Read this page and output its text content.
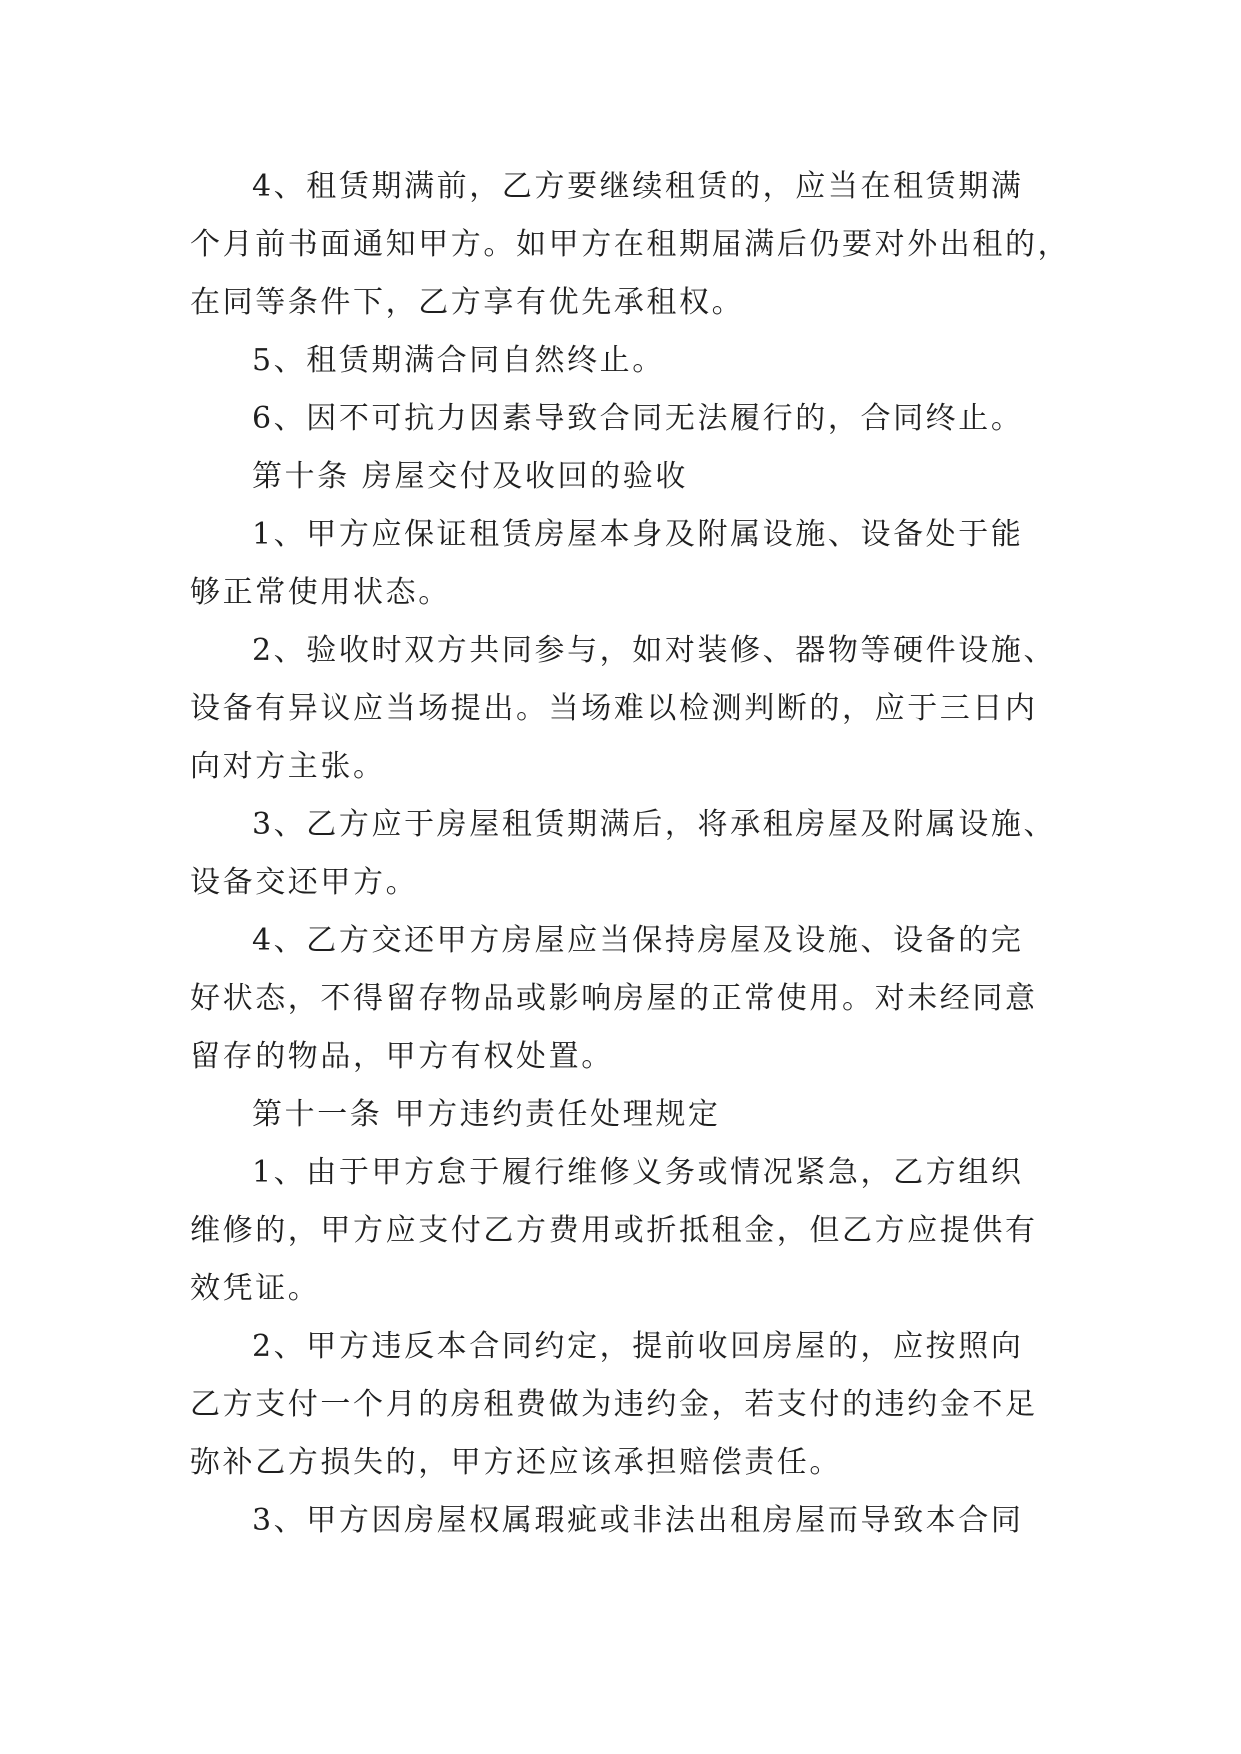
4、租赁期满前，乙方要继续租赁的，应当在租赁期满
个月前书面通知甲方。如甲方在租期届满后仍要对外出租的，
在同等条件下，乙方享有优先承租权。
5、租赁期满合同自然终止。
6、因不可抗力因素导致合同无法履行的，合同终止。
第十条 房屋交付及收回的验收
1、甲方应保证租赁房屋本身及附属设施、设备处于能
够正常使用状态。
2、验收时双方共同参与，如对装修、器物等硬件设施、
设备有异议应当场提出。当场难以检测判断的，应于三日内
向对方主张。
3、乙方应于房屋租赁期满后，将承租房屋及附属设施、
设备交还甲方。
4、乙方交还甲方房屋应当保持房屋及设施、设备的完
好状态，不得留存物品或影响房屋的正常使用。对未经同意
留存的物品，甲方有权处置。
第十一条 甲方违约责任处理规定
1、由于甲方怠于履行维修义务或情况紧急，乙方组织
维修的，甲方应支付乙方费用或折抵租金，但乙方应提供有
效凭证。
2、甲方违反本合同约定，提前收回房屋的，应按照向
乙方支付一个月的房租费做为违约金，若支付的违约金不足
弥补乙方损失的，甲方还应该承担赔偿责任。
3、甲方因房屋权属瑕疵或非法出租房屋而导致本合同
